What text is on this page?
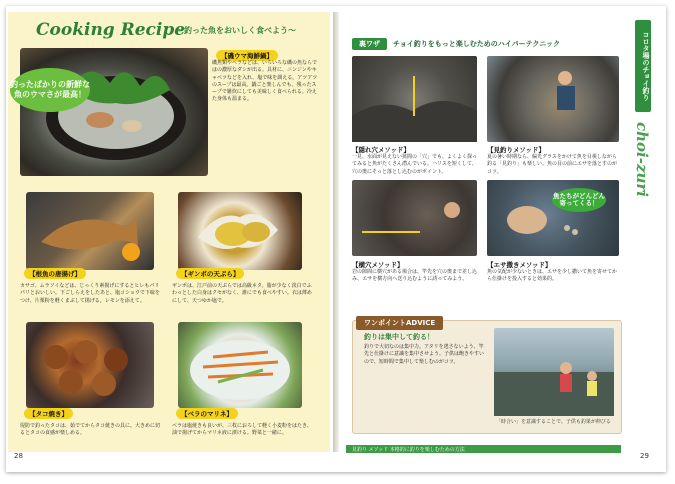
Cooking Recipe
～釣った魚をおいしく食べよう～
釣ったばかりの新鮮な魚のウマさが最高！
【磯ウマ海鮮鍋】

磯魚類やベラなどは、いろいろな磯の魚ならではの濃厚なダシが出る。具材に、ニンジンやキャベツなどを入れ、塩で味を調える。アツアツのスープは最高。鍋ごと楽しんでも、残ったスープで雑炊にしても美味しく食べられる。冷えた身体も温まる。

【根魚の唐揚げ】	【ギンポの天ぷら】

カサゴ、ムラソイなどは、じっくり素揚げにするとヒレもパリパリとおいしい。下ごしらえをしたあと、塩コショウで下味をつけ、片栗粉を軽くまぶして揚げる。レモンを添えて。

ギンポは、江戸前の天ぷらでは高級ネタ。脂が少なく淡白でふわっとした白身はクセがなく、誰にでも食べやすい。衣は薄めにして、天つゆか塩で。

【タコ焼き】	【ベラのマリネ】

堤防で釣ったタコは、茹でてからタコ焼きの具に。大きめに切るとタコの食感が楽しめる。

ベラは塩焼きも良いが、三枚におろして軽く小麦粉をはたき、油で揚げてからマリネ液に漬ける。野菜と一緒に。

28
裏ワザ	チョイ釣りをもっと楽しむためのハイパーテクニック
【隠れ穴メソッド】	【見釣りメソッド】

一見、水面が見えない狭間の「穴」でも、よくよく探ってみると魚がたくさん潜んでいる。ハリスを短くして、穴の奥にそっと落とし込むのがポイント。

夏の暑い時期なら、偏光グラスをかけて魚を目視しながら釣る「見釣り」も楽しい。魚の目の前にエサを落とすのがコツ。

魚たちがどんどん寄ってくる！
【横穴メソッド】	【エサ撒きメソッド】

岩の隙間に横穴がある場合は、竿先を穴の奥まで差し込み、エサを横方向へ送り込むように誘ってみよう。

魚の気配が少ないときは、エサを少し撒いて魚を寄せてから仕掛けを投入すると効果的。

ワンポイントADVICE
釣りは集中して釣る！

釣りで大切なのは集中力。アタリを逃さないよう、竿先と仕掛けに意識を集中させよう。子供は飽きやすいので、短時間で集中して楽しむのがコツ。

「時合い」を意識することで、子供も釣果が伸びる
コロタ場のチョイ釣り
choi-zuri
見釣り メソッド 本格的に釣りを楽しむための方法
29
